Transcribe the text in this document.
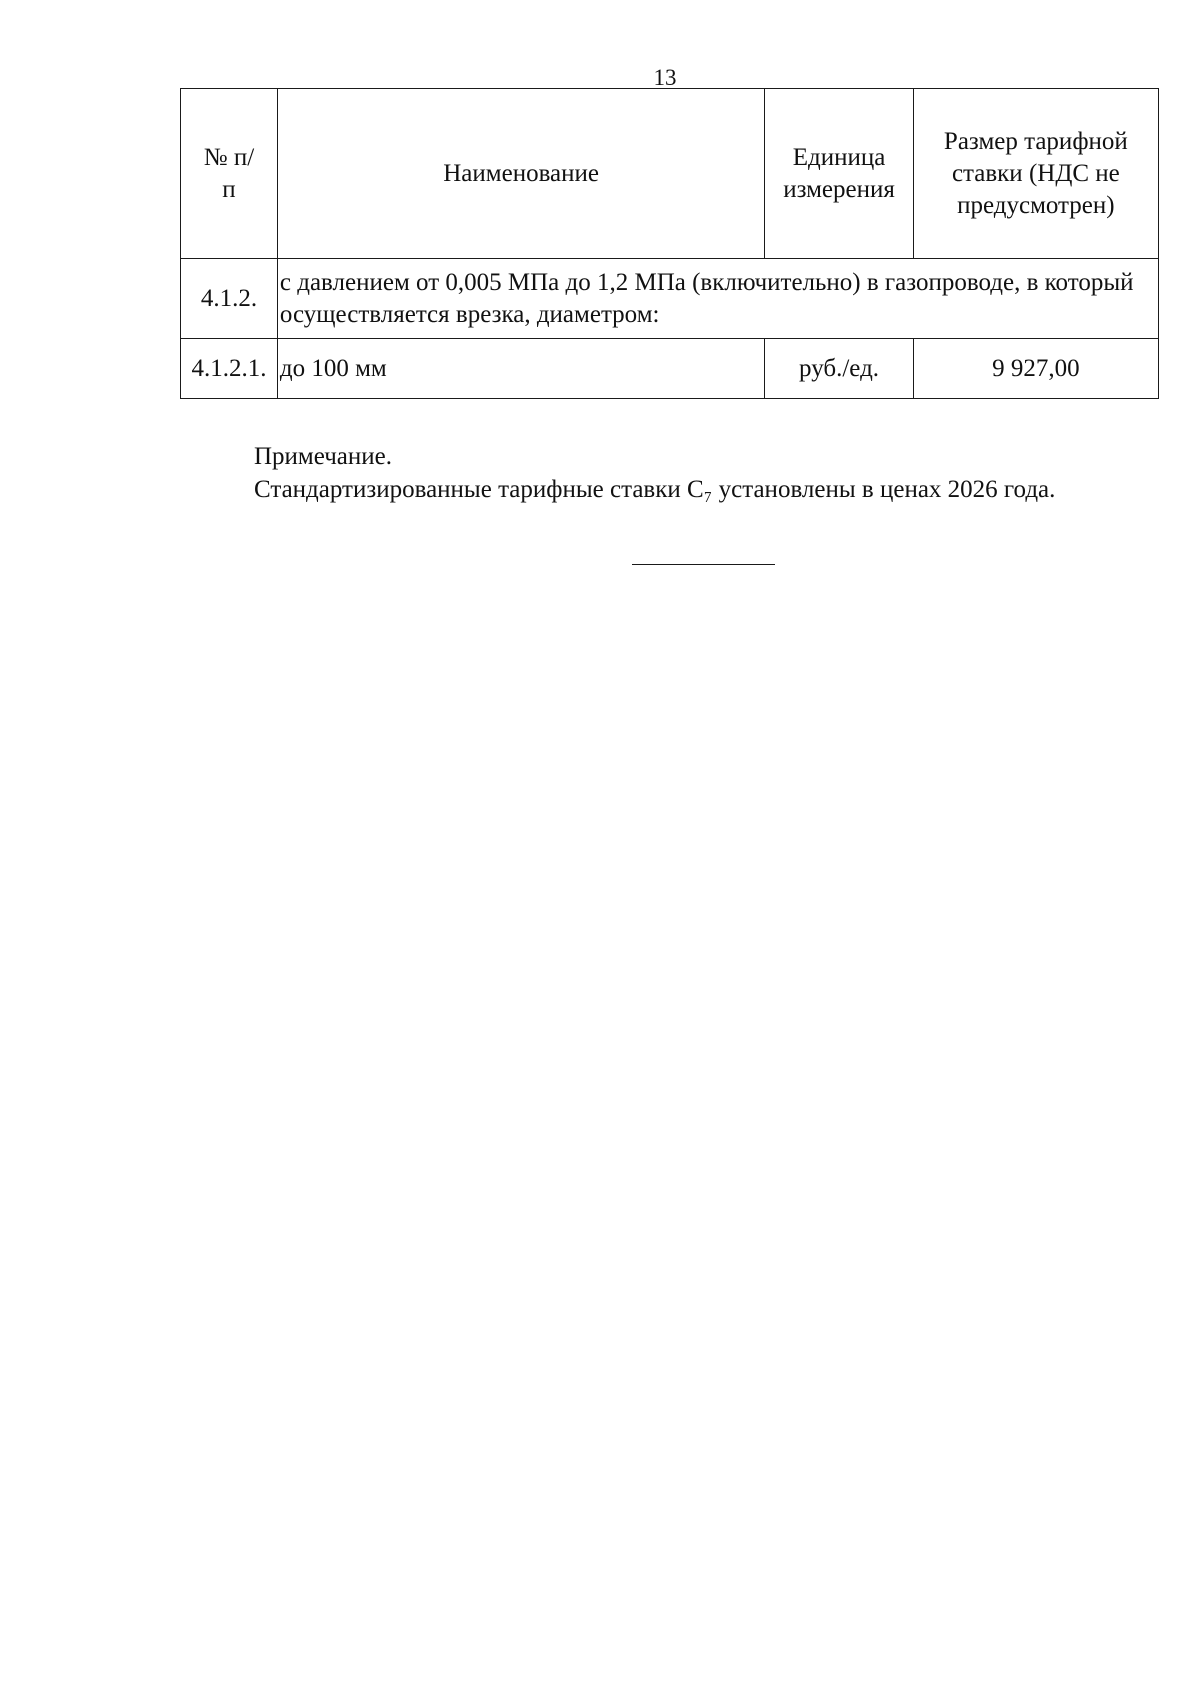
13
№ п/п	Наименование	Единица измерения	Размер тарифной ставки (НДС не предусмотрен)

4.1.2.	с давлением от 0,005 МПа до 1,2 МПа (включительно) в газопроводе, в который осуществляется врезка, диаметром:		
4.1.2.1.	до 100 мм	руб./ед.	9 927,00

Примечание.

Стандартизированные тарифные ставки С₇ установлены в ценах 2026 года.
